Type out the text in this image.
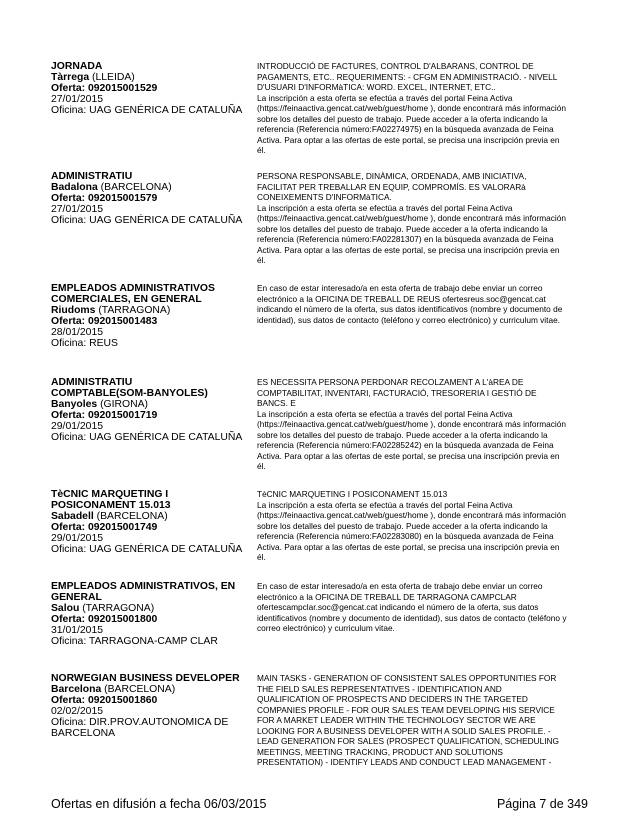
JORNADA
Tàrrega (LLEIDA)
Oferta: 092015001529
27/01/2015
Oficina: UAG GENÉRICA DE CATALUÑA
INTRODUCCIÓ DE FACTURES, CONTROL D'ALBARANS, CONTROL DE
PAGAMENTS, ETC.. REQUERIMENTS: - CFGM EN ADMINISTRACIÓ. - NIVELL
D'USUARI D'INFORMàTICA: WORD. EXCEL, INTERNET, ETC..
La inscripción a esta oferta se efectúa a través del portal Feina Activa
(https://feinaactiva.gencat.cat/web/guest/home ), donde encontrará más información
sobre los detalles del puesto de trabajo. Puede acceder a la oferta indicando la
referencia (Referencia número:FA02274975) en la búsqueda avanzada de Feina
Activa. Para optar a las ofertas de este portal, se precisa una inscripción previa en
él.
ADMINISTRATIU
Badalona (BARCELONA)
Oferta: 092015001579
27/01/2015
Oficina: UAG GENÉRICA DE CATALUÑA
PERSONA RESPONSABLE, DINÀMICA, ORDENADA, AMB INICIATIVA,
FACILITAT PER TREBALLAR EN EQUIP, COMPROMÍS. ES VALORARà
CONEIXEMENTS D'INFORMàTICA.
La inscripción a esta oferta se efectúa a través del portal Feina Activa
(https://feinaactiva.gencat.cat/web/guest/home ), donde encontrará más información
sobre los detalles del puesto de trabajo. Puede acceder a la oferta indicando la
referencia (Referencia número:FA02281307) en la búsqueda avanzada de Feina
Activa. Para optar a las ofertas de este portal, se precisa una inscripción previa en
él.
EMPLEADOS ADMINISTRATIVOS
COMERCIALES, EN GENERAL
Riudoms (TARRAGONA)
Oferta: 092015001483
28/01/2015
Oficina: REUS
En caso de estar interesado/a en esta oferta de trabajo debe enviar un correo
electrónico a la OFICINA DE TREBALL DE REUS ofertesreus.soc@gencat.cat
indicando el número de la oferta, sus datos identificativos (nombre y documento de
identidad), sus datos de contacto (teléfono y correo electrónico) y curriculum vitae.
ADMINISTRATIU
COMPTABLE(SOM-BANYOLES)
Banyoles (GIRONA)
Oferta: 092015001719
29/01/2015
Oficina: UAG GENÉRICA DE CATALUÑA
ES NECESSITA PERSONA PERDONAR RECOLZAMENT A L'àREA DE
COMPTABILITAT, INVENTARI, FACTURACIÓ, TRESORERIA I GESTIÓ DE
BANCS. E
La inscripción a esta oferta se efectúa a través del portal Feina Activa
(https://feinaactiva.gencat.cat/web/guest/home ), donde encontrará más información
sobre los detalles del puesto de trabajo. Puede acceder a la oferta indicando la
referencia (Referencia número:FA02285242) en la búsqueda avanzada de Feina
Activa. Para optar a las ofertas de este portal, se precisa una inscripción previa en
él.
TèCNIC MARQUETING I
POSICONAMENT 15.013
Sabadell (BARCELONA)
Oferta: 092015001749
29/01/2015
Oficina: UAG GENÉRICA DE CATALUÑA
TèCNIC MARQUETING I POSICONAMENT 15.013
La inscripción a esta oferta se efectúa a través del portal Feina Activa
(https://feinaactiva.gencat.cat/web/guest/home ), donde encontrará más información
sobre los detalles del puesto de trabajo. Puede acceder a la oferta indicando la
referencia (Referencia número:FA02283080) en la búsqueda avanzada de Feina
Activa. Para optar a las ofertas de este portal, se precisa una inscripción previa en
él.
EMPLEADOS ADMINISTRATIVOS, EN
GENERAL
Salou (TARRAGONA)
Oferta: 092015001800
31/01/2015
Oficina: TARRAGONA-CAMP CLAR
En caso de estar interesado/a en esta oferta de trabajo debe enviar un correo
electrónico a la OFICINA DE TREBALL DE TARRAGONA CAMPCLAR
ofertescampclar.soc@gencat.cat indicando el número de la oferta, sus datos
identificativos (nombre y documento de identidad), sus datos de contacto (teléfono y
correo electrónico) y curriculum vitae.
NORWEGIAN BUSINESS DEVELOPER
Barcelona (BARCELONA)
Oferta: 092015001860
02/02/2015
Oficina: DIR.PROV.AUTONOMICA DE
BARCELONA
MAIN TASKS - GENERATION OF CONSISTENT SALES OPPORTUNITIES FOR
THE FIELD SALES REPRESENTATIVES - IDENTIFICATION AND
QUALIFICATION OF PROSPECTS AND DECIDERS IN THE TARGETED
COMPANIES PROFILE - FOR OUR SALES TEAM DEVELOPING HIS SERVICE
FOR A MARKET LEADER WITHIN THE TECHNOLOGY SECTOR WE ARE
LOOKING FOR A BUSINESS DEVELOPER WITH A SOLID SALES PROFILE. -
LEAD GENERATION FOR SALES (PROSPECT QUALIFICATION, SCHEDULING
MEETINGS, MEETING TRACKING, PRODUCT AND SOLUTIONS
PRESENTATION) - IDENTIFY LEADS AND CONDUCT LEAD MANAGEMENT -
Ofertas en difusión a fecha 06/03/2015	Página 7 de 349
